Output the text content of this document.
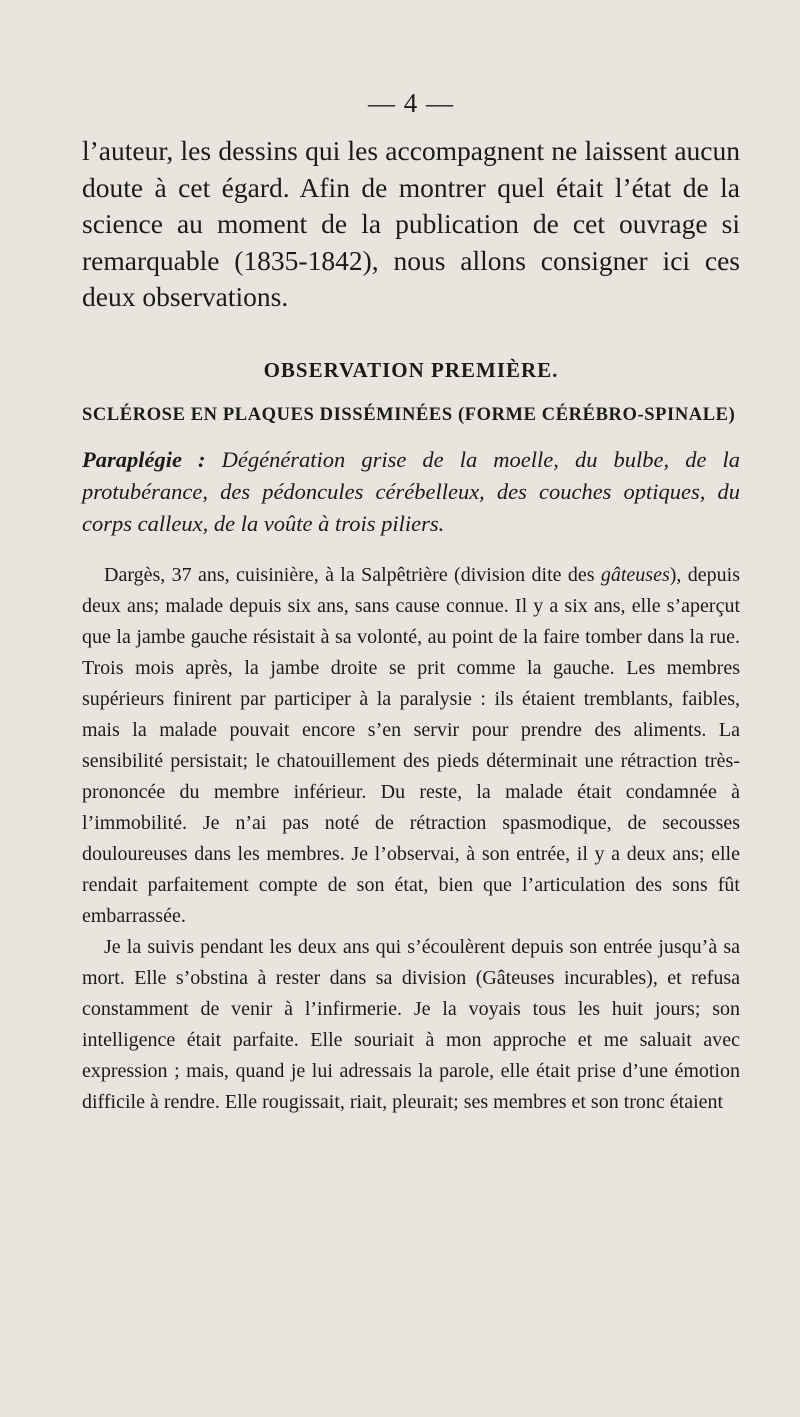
— 4 —

l’auteur, les dessins qui les accompagnent ne laissent aucun doute à cet égard. Afin de montrer quel était l’état de la science au moment de la publication de cet ouvrage si remarquable (1835-1842), nous allons consigner ici ces deux observations.

OBSERVATION PREMIÈRE.
SCLÉROSE EN PLAQUES DISSÉMINÉES (FORME CÉRÉBRO-SPINALE)

Paraplégie : Dégénération grise de la moelle, du bulbe, de la protubérance, des pédoncules cérébelleux, des couches optiques, du corps calleux, de la voûte à trois piliers.

Dargès, 37 ans, cuisinière, à la Salpêtrière (division dite des gâteuses), depuis deux ans; malade depuis six ans, sans cause connue. Il y a six ans, elle s’aperçut que la jambe gauche résistait à sa volonté, au point de la faire tomber dans la rue. Trois mois après, la jambe droite se prit comme la gauche. Les membres supérieurs finirent par participer à la paralysie : ils étaient tremblants, faibles, mais la malade pouvait encore s’en servir pour prendre des aliments. La sensibilité persistait; le chatouillement des pieds déterminait une rétraction très-prononcée du membre inférieur. Du reste, la malade était condamnée à l’immobilité. Je n’ai pas noté de rétraction spasmodique, de secousses douloureuses dans les membres. Je l’observai, à son entrée, il y a deux ans; elle rendait parfaitement compte de son état, bien que l’articulation des sons fût embarrassée.

Je la suivis pendant les deux ans qui s’écoulèrent depuis son entrée jusqu’à sa mort. Elle s’obstina à rester dans sa division (Gâteuses incurables), et refusa constamment de venir à l’infirmerie. Je la voyais tous les huit jours; son intelligence était parfaite. Elle souriait à mon approche et me saluait avec expression ; mais, quand je lui adressais la parole, elle était prise d’une émotion difficile à rendre. Elle rougissait, riait, pleurait; ses membres et son tronc étaient
